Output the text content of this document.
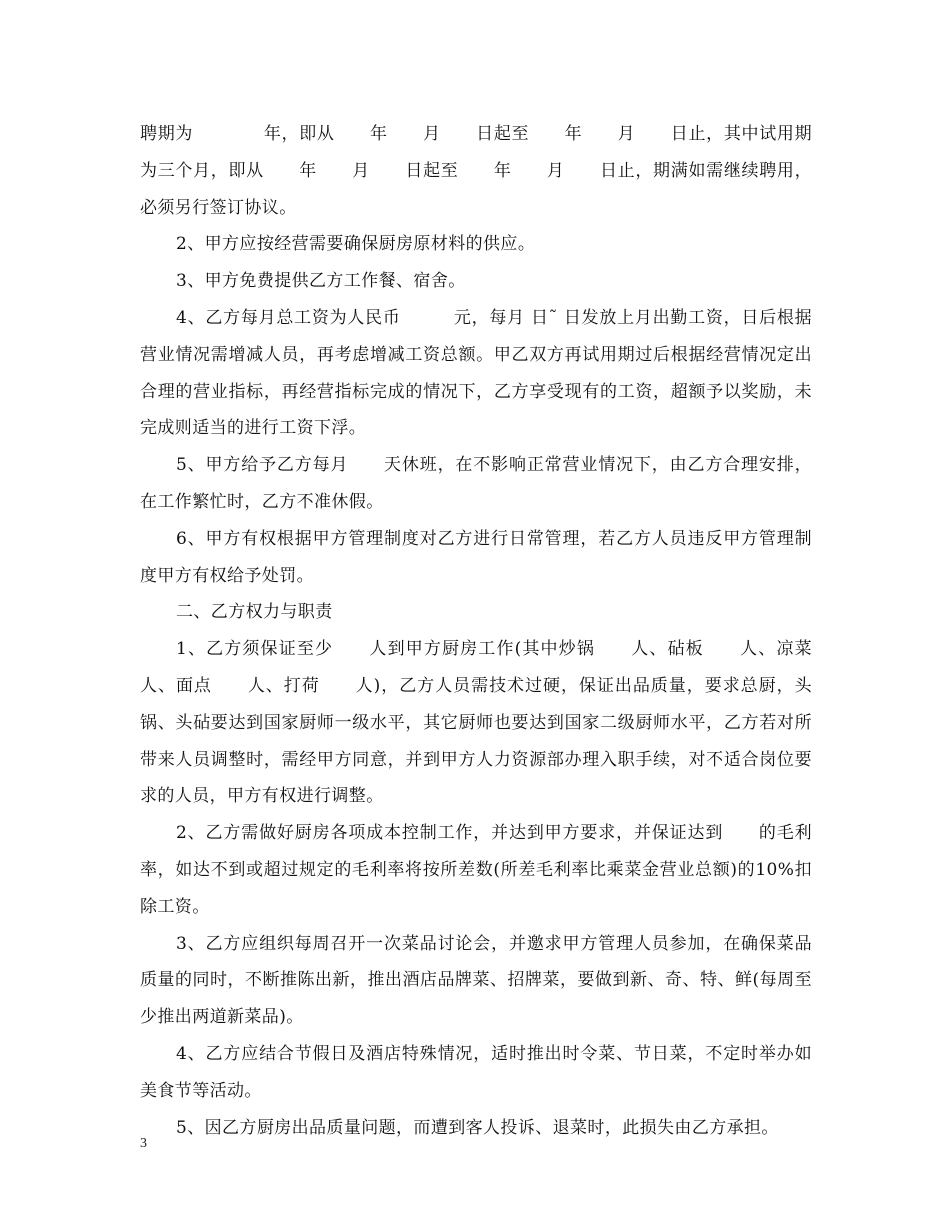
聘期为　　　　年，即从　　年　　月　　日起至　　年　　月　　日止，其中试用期为三个月，即从　　年　　月　　日起至　　年　　月　　日止，期满如需继续聘用，必须另行签订协议。

2、甲方应按经营需要确保厨房原材料的供应。

3、甲方免费提供乙方工作餐、宿舍。

4、乙方每月总工资为人民币　　　元，每月 日˜ 日发放上月出勤工资，日后根据营业情况需增减人员，再考虑增减工资总额。甲乙双方再试用期过后根据经营情况定出合理的营业指标，再经营指标完成的情况下，乙方享受现有的工资，超额予以奖励，未完成则适当的进行工资下浮。

5、甲方给予乙方每月　　天休班，在不影响正常营业情况下，由乙方合理安排，在工作繁忙时，乙方不准休假。

6、甲方有权根据甲方管理制度对乙方进行日常管理，若乙方人员违反甲方管理制度甲方有权给予处罚。

二、乙方权力与职责

1、乙方须保证至少　　人到甲方厨房工作(其中炒锅　　人、砧板　　人、凉菜　　人、面点　　人、打荷　　人)，乙方人员需技术过硬，保证出品质量，要求总厨，头锅、头砧要达到国家厨师一级水平，其它厨师也要达到国家二级厨师水平，乙方若对所带来人员调整时，需经甲方同意，并到甲方人力资源部办理入职手续，对不适合岗位要求的人员，甲方有权进行调整。

2、乙方需做好厨房各项成本控制工作，并达到甲方要求，并保证达到　　的毛利率，如达不到或超过规定的毛利率将按所差数(所差毛利率比乘菜金营业总额)的10%扣除工资。

3、乙方应组织每周召开一次菜品讨论会，并邀求甲方管理人员参加，在确保菜品质量的同时，不断推陈出新，推出酒店品牌菜、招牌菜，要做到新、奇、特、鲜(每周至少推出两道新菜品)。

4、乙方应结合节假日及酒店特殊情况，适时推出时令菜、节日菜，不定时举办如美食节等活动。

5、因乙方厨房出品质量问题，而遭到客人投诉、退菜时，此损失由乙方承担。

3
